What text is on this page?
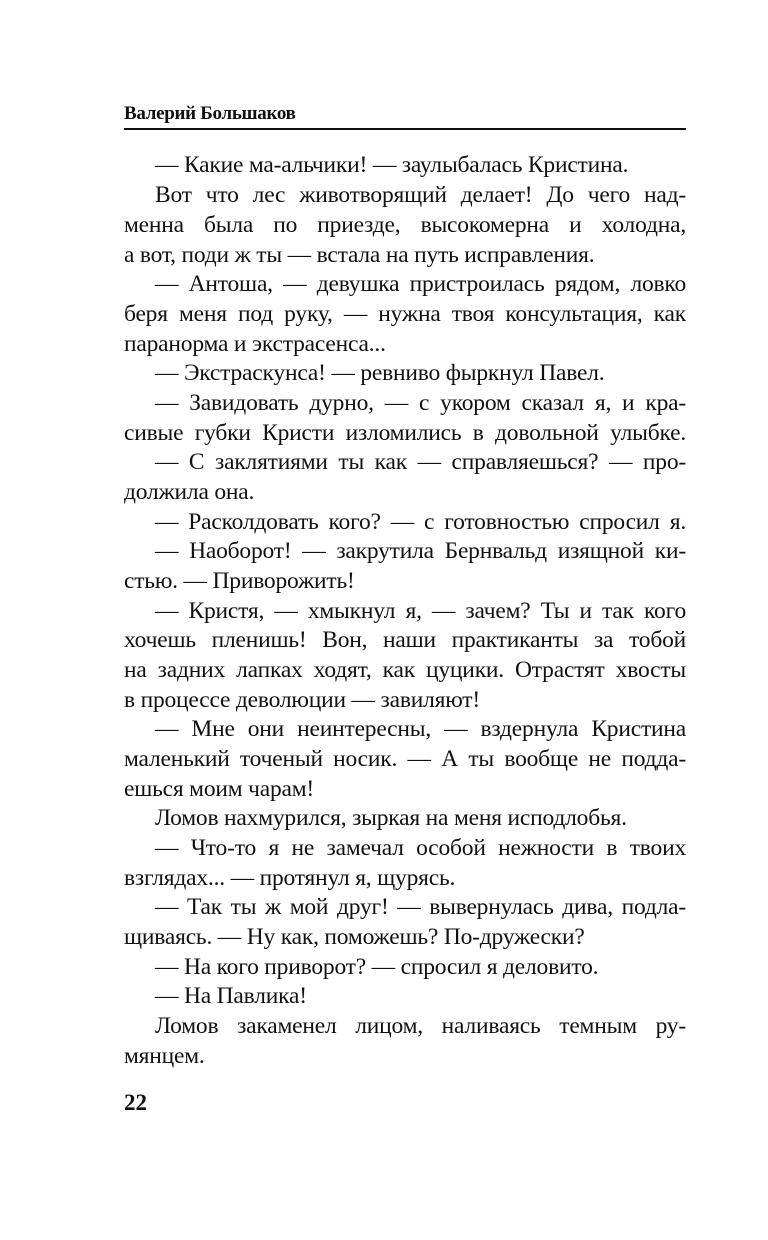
Валерий Большаков
— Какие ма-альчики! — заулыбалась Кристина.
Вот что лес животворящий делает! До чего над-
менна была по приезде, высокомерна и холодна,
а вот, поди ж ты — встала на путь исправления.
— Антоша, — девушка пристроилась рядом, ловко
беря меня под руку, — нужна твоя консультация, как
паранорма и экстрасенса...
— Экстраскунса! — ревниво фыркнул Павел.
— Завидовать дурно, — с укором сказал я, и кра-
сивые губки Кристи изломились в довольной улыбке.
— С заклятиями ты как — справляешься? — про-
должила она.
— Расколдовать кого? — с готовностью спросил я.
— Наоборот! — закрутила Бернвальд изящной ки-
стью. — Приворожить!
— Кристя, — хмыкнул я, — зачем? Ты и так кого
хочешь пленишь! Вон, наши практиканты за тобой
на задних лапках ходят, как цуцики. Отрастят хвосты
в процессе деволюции — завиляют!
— Мне они неинтересны, — вздернула Кристина
маленький точеный носик. — А ты вообще не подда-
ешься моим чарам!
Ломов нахмурился, зыркая на меня исподлобья.
— Что-то я не замечал особой нежности в твоих
взглядах... — протянул я, щурясь.
— Так ты ж мой друг! — вывернулась дива, подла-
щиваясь. — Ну как, поможешь? По-дружески?
— На кого приворот? — спросил я деловито.
— На Павлика!
Ломов закаменел лицом, наливаясь темным ру-
мянцем.
22
